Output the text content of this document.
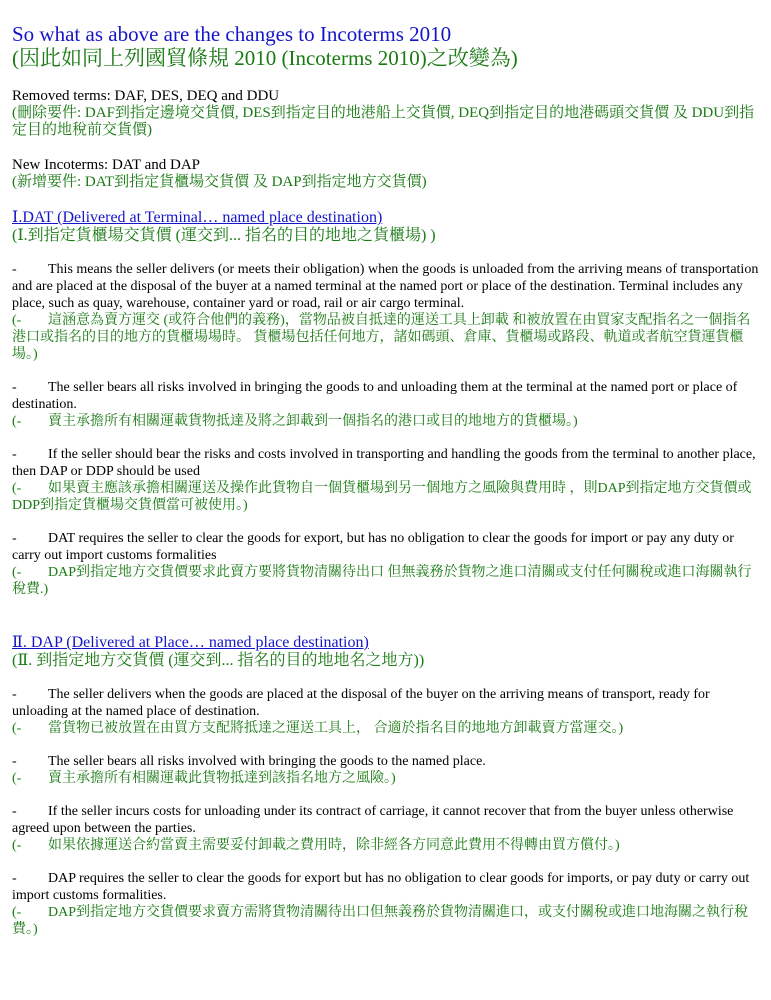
So what as above are the changes to Incoterms 2010
(因此如同上列國貿條規 2010 (Incoterms 2010)之改變為)
Removed terms: DAF, DES, DEQ and DDU
(刪除要件: DAF到指定邊境交貨價, DES到指定目的地港船上交貨價, DEQ到指定目的地港碼頭交貨價 及 DDU到指定目的地稅前交貨價)
New Incoterms: DAT and DAP
(新增要件: DAT到指定貨櫃場交貨價 及 DAP到指定地方交貨價)
Ⅰ.DAT (Delivered at Terminal… named place destination)
(Ⅰ.到指定貨櫃場交貨價 (運交到... 指名的目的地地之貨櫃場) )
- This means the seller delivers (or meets their obligation) when the goods is unloaded from the arriving means of transportation and are placed at the disposal of the buyer at a named terminal at the named port or place of the destination. Terminal includes any place, such as quay, warehouse, container yard or road, rail or air cargo terminal.
(- 這涵意為賣方運交 (或符合他們的義務)，當物品被自抵達的運送工具上卸載 和被放置在由買家支配指名之一個指名港口或指名的目的地方的貨櫃場場時。 貨櫃場包括任何地方，諸如碼頭、倉庫、貨櫃場或路段、軌道或者航空貨運貨櫃場。)
- The seller bears all risks involved in bringing the goods to and unloading them at the terminal at the named port or place of destination.
(- 賣主承擔所有相關運載貨物抵達及將之卸載到一個指名的港口或目的地地方的貨櫃場。)
- If the seller should bear the risks and costs involved in transporting and handling the goods from the terminal to another place, then DAP or DDP should be used
(- 如果賣主應該承擔相關運送及操作此貨物自一個貨櫃場到另一個地方之風險與費用時 ，則DAP到指定地方交貨價或DDP到指定貨櫃場交貨價當可被使用。)
- DAT requires the seller to clear the goods for export, but has no obligation to clear the goods for import or pay any duty or carry out import customs formalities
(- DAP到指定地方交貨價要求此賣方要將貨物清關待出口 但無義務於貨物之進口清關或支付任何關稅或進口海關執行稅費.)
Ⅱ. DAP (Delivered at Place… named place destination)
(Ⅱ. 到指定地方交貨價 (運交到... 指名的目的地地名之地方))
- The seller delivers when the goods are placed at the disposal of the buyer on the arriving means of transport, ready for unloading at the named place of destination.
(- 當貨物已被放置在由買方支配將抵達之運送工具上， 合適於指名目的地地方卸載賣方當運交。)
- The seller bears all risks involved with bringing the goods to the named place.
(- 賣主承擔所有相關運載此貨物抵達到該指名地方之風險。)
- If the seller incurs costs for unloading under its contract of carriage, it cannot recover that from the buyer unless otherwise agreed upon between the parties.
(- 如果依據運送合約當賣主需要妥付卸載之費用時，除非經各方同意此費用不得轉由買方償付。)
- DAP requires the seller to clear the goods for export but has no obligation to clear goods for imports, or pay duty or carry out import customs formalities.
(- DAP到指定地方交貨價要求賣方需將貨物清關待出口但無義務於貨物清關進口，或支付關稅或進口地海關之執行稅費。)
